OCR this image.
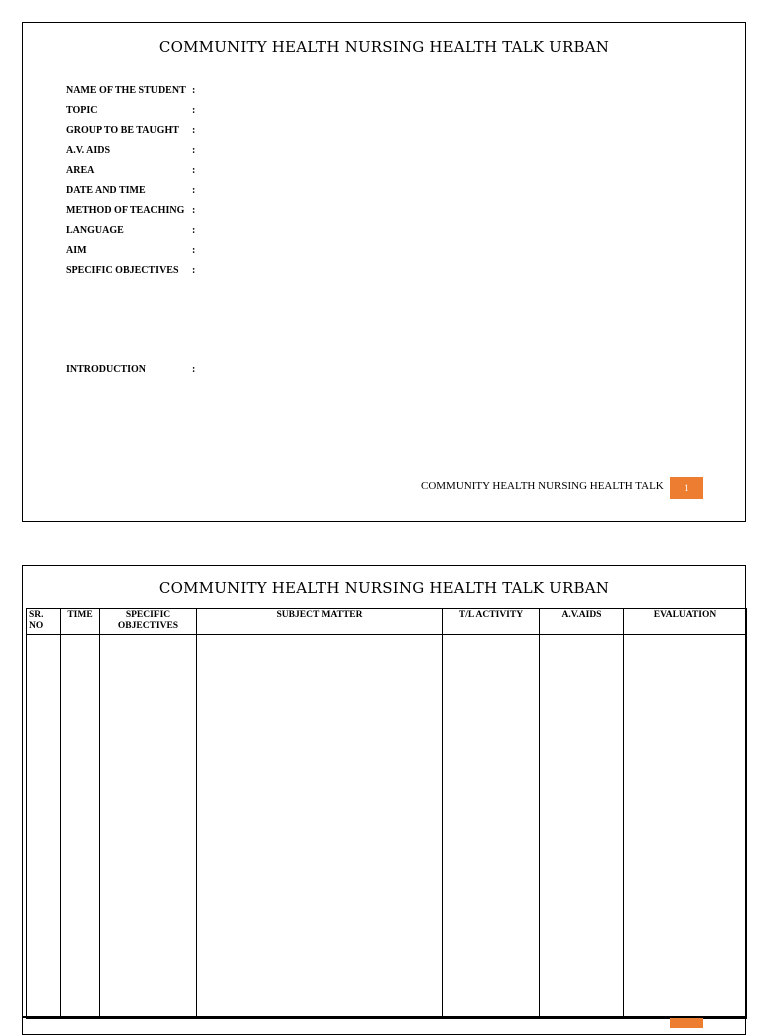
COMMUNITY HEALTH NURSING HEALTH TALK URBAN
NAME OF THE STUDENT :
TOPIC	:
GROUP TO BE TAUGHT :
A.V. AIDS	:
AREA	:
DATE AND TIME	:
METHOD OF TEACHING :
LANGUAGE	:
AIM	:
SPECIFIC OBJECTIVES :
INTRODUCTION	:
COMMUNITY HEALTH NURSING HEALTH TALK	1
COMMUNITY HEALTH NURSING HEALTH TALK URBAN
SR. NO	TIME	SPECIFIC OBJECTIVES	SUBJECT MATTER	T/L ACTIVITY	A.V.AIDS	EVALUATION
